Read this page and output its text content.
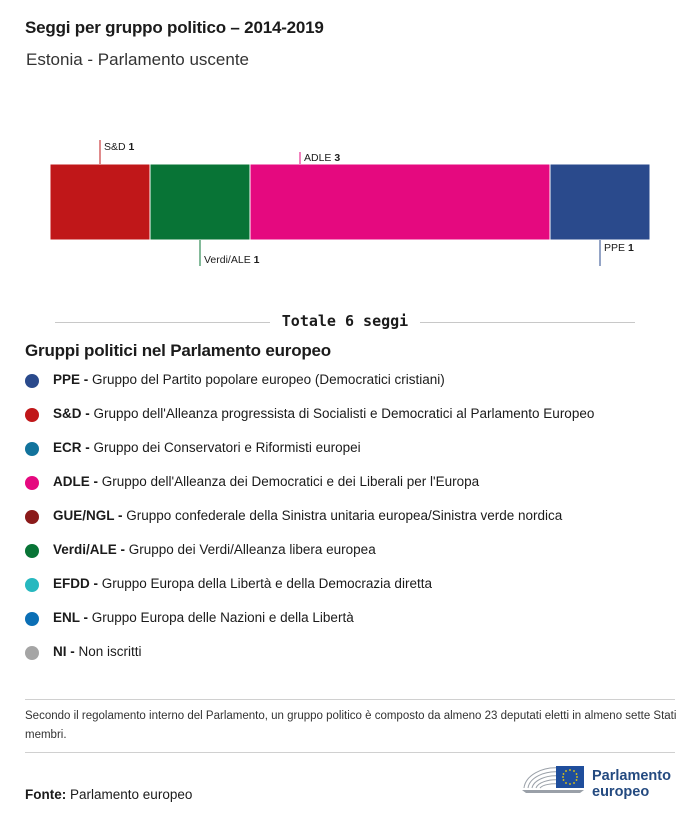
Seggi per gruppo politico – 2014-2019
Estonia - Parlamento uscente
S&D 1
Verdi/ALE 1
ADLE 3
PPE 1
Totale 6 seggi
Gruppi politici nel Parlamento europeo
PPE - Gruppo del Partito popolare europeo (Democratici cristiani)
S&D - Gruppo dell'Alleanza progressista di Socialisti e Democratici al Parlamento Europeo
ECR - Gruppo dei Conservatori e Riformisti europei
ADLE - Gruppo dell'Alleanza dei Democratici e dei Liberali per l'Europa
GUE/NGL - Gruppo confederale della Sinistra unitaria europea/Sinistra verde nordica
Verdi/ALE - Gruppo dei Verdi/Alleanza libera europea
EFDD - Gruppo Europa della Libertà e della Democrazia diretta
ENL - Gruppo Europa delle Nazioni e della Libertà
NI - Non iscritti
Secondo il regolamento interno del Parlamento, un gruppo politico è composto da almeno 23 deputati eletti in almeno sette Stati membri.
Fonte: Parlamento europeo
Parlamento
europeo
